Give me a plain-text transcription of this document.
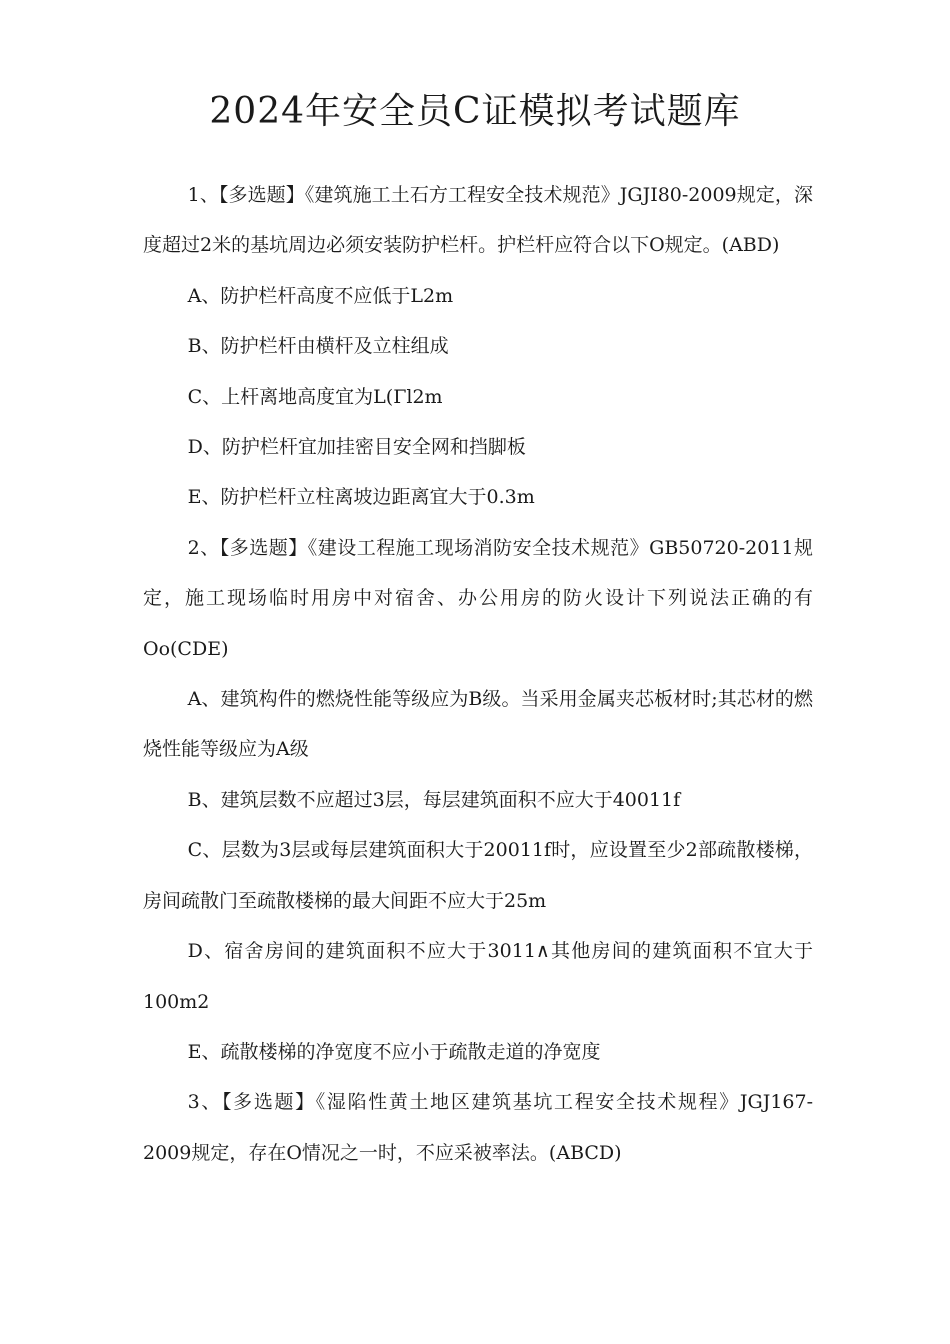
2024年安全员C证模拟考试题库

1、【多选题】《建筑施工土石方工程安全技术规范》JGJI80-2009规定，深度超过2米的基坑周边必须安装防护栏杆。护栏杆应符合以下O规定。(ABD)

A、防护栏杆高度不应低于L2m

B、防护栏杆由横杆及立柱组成

C、上杆离地高度宜为L(Γl2m

D、防护栏杆宜加挂密目安全网和挡脚板

E、防护栏杆立柱离坡边距离宜大于0.3m

2、【多选题】《建设工程施工现场消防安全技术规范》GB50720-2011规定，施工现场临时用房中对宿舍、办公用房的防火设计下列说法正确的有Oo(CDE)

A、建筑构件的燃烧性能等级应为B级。当采用金属夹芯板材时;其芯材的燃烧性能等级应为A级

B、建筑层数不应超过3层，每层建筑面积不应大于40011f

C、层数为3层或每层建筑面积大于20011f时，应设置至少2部疏散楼梯，房间疏散门至疏散楼梯的最大间距不应大于25m

D、宿舍房间的建筑面积不应大于3011∧其他房间的建筑面积不宜大于100m2

E、疏散楼梯的净宽度不应小于疏散走道的净宽度

3、【多选题】《湿陷性黄土地区建筑基坑工程安全技术规程》JGJ167-2009规定，存在O情况之一时，不应采被率法。(ABCD)
